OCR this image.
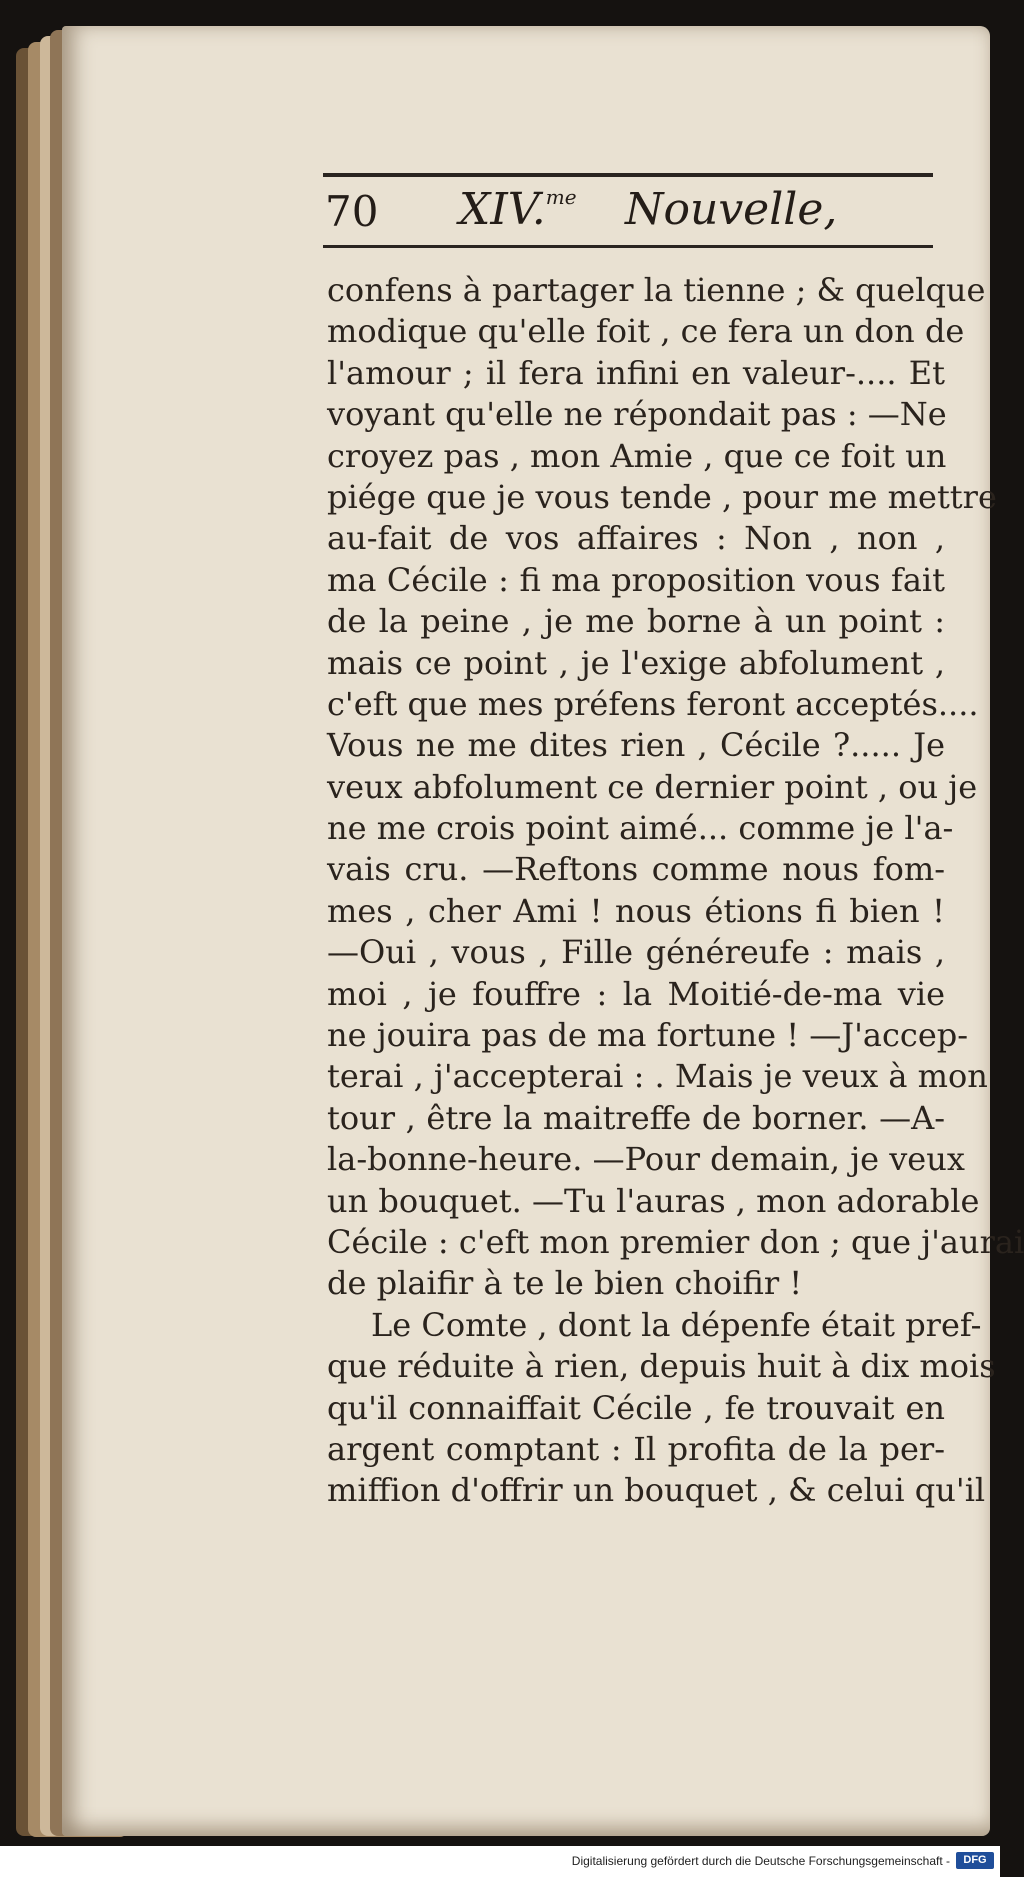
70 XIV.$^{me}$ Nouvelle,
confens à partager la tienne ; & quelque
modique qu'elle foit , ce fera un don de
l'amour ; il fera infini en valeur-.... Et
voyant qu'elle ne répondait pas : —Ne
croyez pas , mon Amie , que ce foit un
piége que je vous tende , pour me mettre
au-fait de vos affaires : Non , non ,
ma Cécile : fi ma proposition vous fait
de la peine , je me borne à un point :
mais ce point , je l'exige abfolument ,
c'eft que mes préfens feront acceptés....
Vous ne me dites rien , Cécile ?..... Je
veux abfolument ce dernier point , ou je
ne me crois point aimé... comme je l'a-
vais cru. —Reftons comme nous fom-
mes , cher Ami ! nous étions fi bien !
—Oui , vous , Fille généreufe : mais ,
moi , je fouffre : la Moitié-de-ma vie
ne jouira pas de ma fortune ! —J'accep-
terai , j'accepterai : . Mais je veux à mon
tour , être la maitreffe de borner. —A-
la-bonne-heure. —Pour demain, je veux
un bouquet. —Tu l'auras , mon adorable
Cécile : c'eft mon premier don ; que j'aurai
de plaifir à te le bien choifir !
Le Comte , dont la dépenfe était pref-
que réduite à rien, depuis huit à dix mois
qu'il connaiffait Cécile , fe trouvait en
argent comptant : Il profita de la per-
miffion d'offrir un bouquet , & celui qu'il
Digitalisierung gefördert durch die Deutsche Forschungsgemeinschaft -	DFG
